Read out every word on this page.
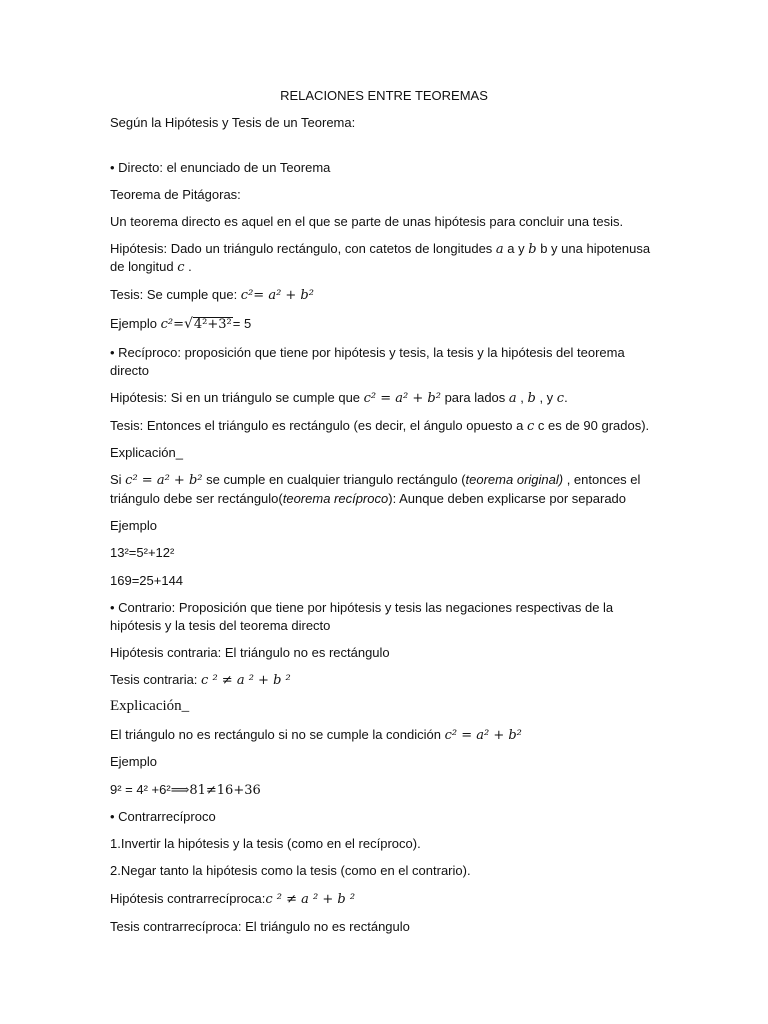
RELACIONES ENTRE TEOREMAS
Según la Hipótesis y Tesis de un Teorema:
• Directo: el enunciado de un Teorema
Teorema de Pitágoras:
Un teorema directo es aquel en el que se parte de unas hipótesis para concluir una tesis.
Hipótesis: Dado un triángulo rectángulo, con catetos de longitudes a a y b b y una hipotenusa
de longitud c .
Tesis: Se cumple que: c²= a² + b²
Ejemplo c²=√4²+3²= 5
• Recíproco: proposición que tiene por hipótesis y tesis, la tesis y la hipótesis del teorema
directo
Hipótesis: Si en un triángulo se cumple que c² = a² + b² para lados a , b , y c.
Tesis: Entonces el triángulo es rectángulo (es decir, el ángulo opuesto a c c es de 90 grados).
Explicación_
Si c² = a² + b² se cumple en cualquier triangulo rectángulo (teorema original) , entonces el
triángulo debe ser rectángulo(teorema recíproco): Aunque deben explicarse por separado
Ejemplo
13²=5²+12²
169=25+144
• Contrario: Proposición que tiene por hipótesis y tesis las negaciones respectivas de la
hipótesis y la tesis del teorema directo
Hipótesis contraria: El triángulo no es rectángulo
Tesis contraria: c ² ≠ a ² + b ²
Explicación_
El triángulo no es rectángulo si no se cumple la condición c² = a² + b²
Ejemplo
9² = 4² +6²⟹81≠16+36
• Contrarrecíproco
1.Invertir la hipótesis y la tesis (como en el recíproco).
2.Negar tanto la hipótesis como la tesis (como en el contrario).
Hipótesis contrarrecíproca:c ² ≠ a ² + b ²
Tesis contrarrecíproca: El triángulo no es rectángulo
